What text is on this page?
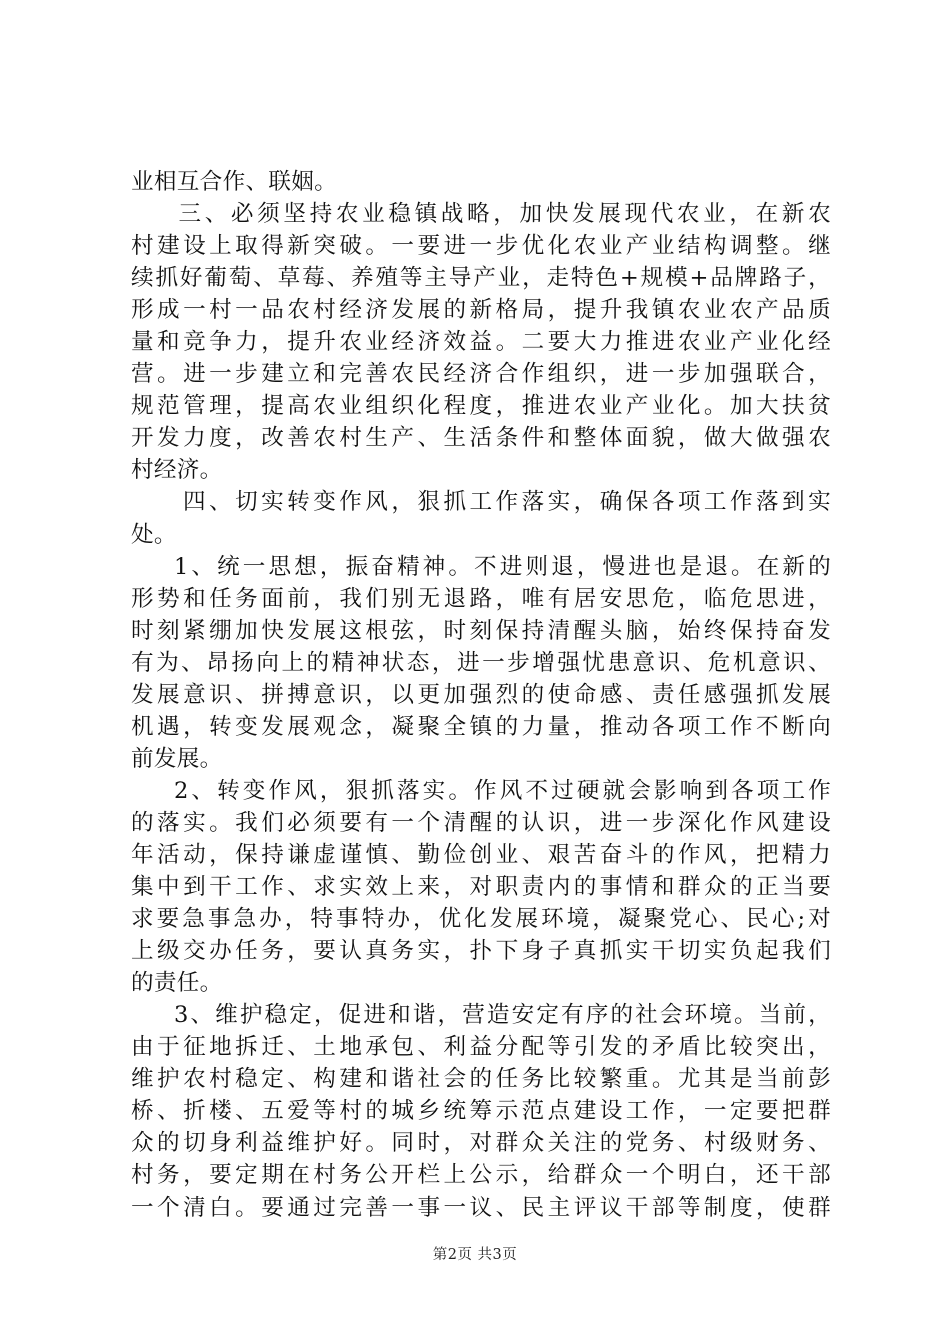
业相互合作、联姻。
三、必须坚持农业稳镇战略，加快发展现代农业，在新农
村建设上取得新突破。一要进一步优化农业产业结构调整。继
续抓好葡萄、草莓、养殖等主导产业，走特色+规模+品牌路子，
形成一村一品农村经济发展的新格局，提升我镇农业农产品质
量和竞争力，提升农业经济效益。二要大力推进农业产业化经
营。进一步建立和完善农民经济合作组织，进一步加强联合，
规范管理，提高农业组织化程度，推进农业产业化。加大扶贫
开发力度，改善农村生产、生活条件和整体面貌，做大做强农
村经济。
四、切实转变作风，狠抓工作落实，确保各项工作落到实
处。
1、统一思想，振奋精神。不进则退，慢进也是退。在新的
形势和任务面前，我们别无退路，唯有居安思危，临危思进，
时刻紧绷加快发展这根弦，时刻保持清醒头脑，始终保持奋发
有为、昂扬向上的精神状态，进一步增强忧患意识、危机意识、
发展意识、拼搏意识，以更加强烈的使命感、责任感强抓发展
机遇，转变发展观念，凝聚全镇的力量，推动各项工作不断向
前发展。
2、转变作风，狠抓落实。作风不过硬就会影响到各项工作
的落实。我们必须要有一个清醒的认识，进一步深化作风建设
年活动，保持谦虚谨慎、勤俭创业、艰苦奋斗的作风，把精力
集中到干工作、求实效上来，对职责内的事情和群众的正当要
求要急事急办，特事特办，优化发展环境，凝聚党心、民心;对
上级交办任务，要认真务实，扑下身子真抓实干切实负起我们
的责任。
3、维护稳定，促进和谐，营造安定有序的社会环境。当前，
由于征地拆迁、土地承包、利益分配等引发的矛盾比较突出，
维护农村稳定、构建和谐社会的任务比较繁重。尤其是当前彭
桥、折楼、五爱等村的城乡统筹示范点建设工作，一定要把群
众的切身利益维护好。同时，对群众关注的党务、村级财务、
村务，要定期在村务公开栏上公示，给群众一个明白，还干部
一个清白。要通过完善一事一议、民主评议干部等制度，使群
第2页 共3页
